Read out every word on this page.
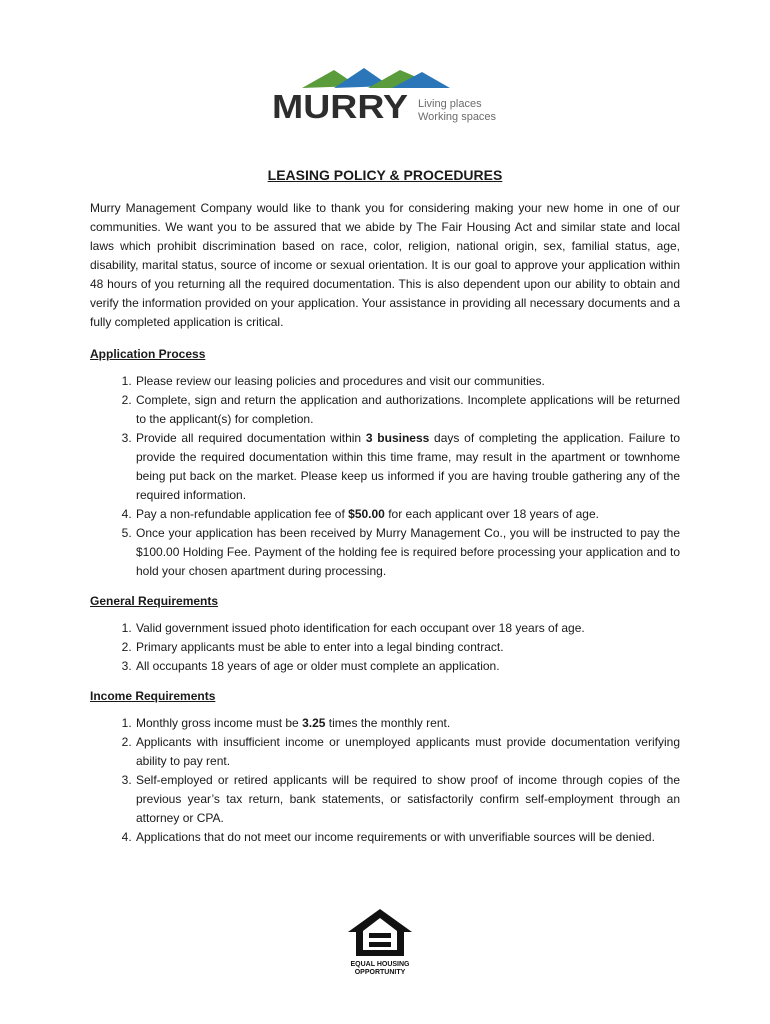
MURRY Living places
Working spaces
LEASING POLICY & PROCEDURES

Murry Management Company would like to thank you for considering making your new home in one of our communities. We want you to be assured that we abide by The Fair Housing Act and similar state and local laws which prohibit discrimination based on race, color, religion, national origin, sex, familial status, age, disability, marital status, source of income or sexual orientation. It is our goal to approve your application within 48 hours of you returning all the required documentation. This is also dependent upon our ability to obtain and verify the information provided on your application. Your assistance in providing all necessary documents and a fully completed application is critical.

Application Process
1. Please review our leasing policies and procedures and visit our communities.
2. Complete, sign and return the application and authorizations. Incomplete applications will be returned to the applicant(s) for completion.
3. Provide all required documentation within 3 business days of completing the application. Failure to provide the required documentation within this time frame, may result in the apartment or townhome being put back on the market. Please keep us informed if you are having trouble gathering any of the required information.
4. Pay a non-refundable application fee of $50.00 for each applicant over 18 years of age.
5. Once your application has been received by Murry Management Co., you will be instructed to pay the $100.00 Holding Fee. Payment of the holding fee is required before processing your application and to hold your chosen apartment during processing.
General Requirements
1. Valid government issued photo identification for each occupant over 18 years of age.
2. Primary applicants must be able to enter into a legal binding contract.
3. All occupants 18 years of age or older must complete an application.
Income Requirements
1. Monthly gross income must be 3.25 times the monthly rent.
2. Applicants with insufficient income or unemployed applicants must provide documentation verifying ability to pay rent.
3. Self-employed or retired applicants will be required to show proof of income through copies of the previous year’s tax return, bank statements, or satisfactorily confirm self-employment through an attorney or CPA.
4. Applications that do not meet our income requirements or with unverifiable sources will be denied.
EQUAL HOUSING
OPPORTUNITY
